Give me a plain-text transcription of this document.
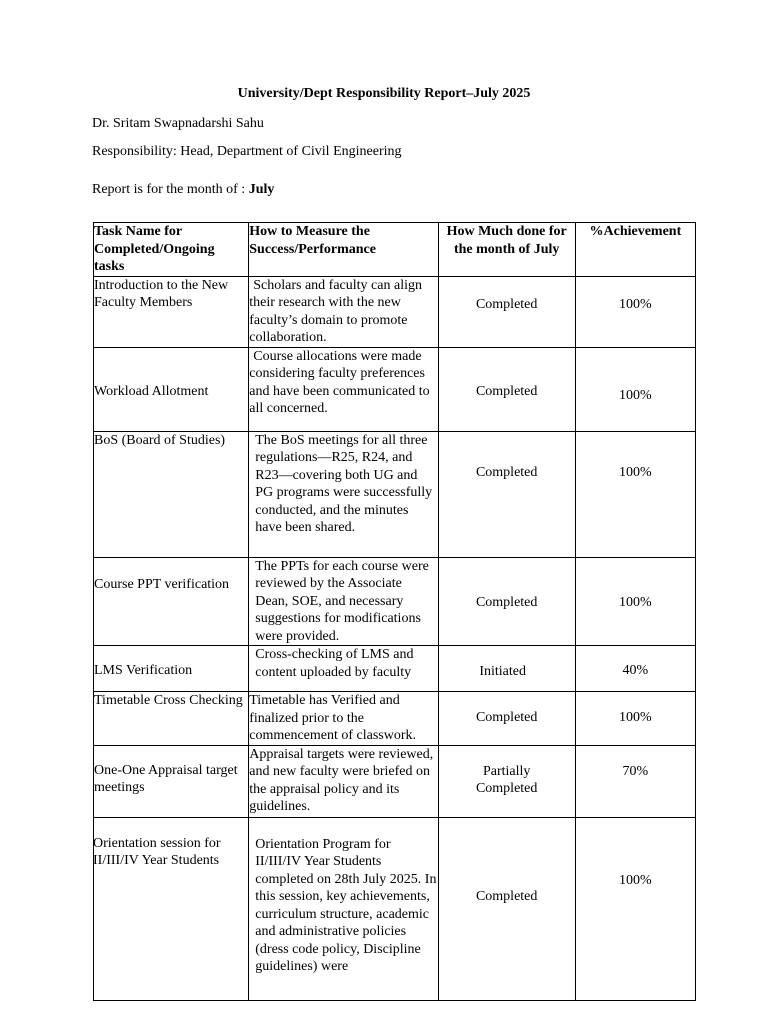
University/Dept Responsibility Report–July 2025
Dr. Sritam Swapnadarshi Sahu
Responsibility: Head, Department of Civil Engineering
Report is for the month of : July
Task Name for Completed/Ongoing tasks	How to Measure the Success/Performance	How Much done for the month of July	%Achievement
Introduction to the New Faculty Members	Scholars and faculty can align their research with the new faculty’s domain to promote collaboration.	Completed	100%

Workload Allotment	Course allocations were made considering faculty preferences and have been communicated to all concerned.	Completed	100%

BoS (Board of Studies)	The BoS meetings for all three regulations—R25, R24, and R23—covering both UG and PG programs were successfully conducted, and the minutes have been shared.	Completed	100%

Course PPT verification	The PPTs for each course were reviewed by the Associate Dean, SOE, and necessary suggestions for modifications were provided.	Completed	100%

LMS Verification	Cross-checking of LMS and content uploaded by faculty	Initiated	40%

Timetable Cross Checking	Timetable has Verified and finalized prior to the commencement of classwork.	Completed	100%

One-One Appraisal target meetings	Appraisal targets were reviewed, and new faculty were briefed on the appraisal policy and its guidelines.	Partially Completed	70%

Orientation session for II/III/IV Year Students	Orientation Program for II/III/IV Year Students completed on 28th July 2025. In this session, key achievements, curriculum structure, academic and administrative policies (dress code policy, Discipline guidelines) were	Completed	100%
